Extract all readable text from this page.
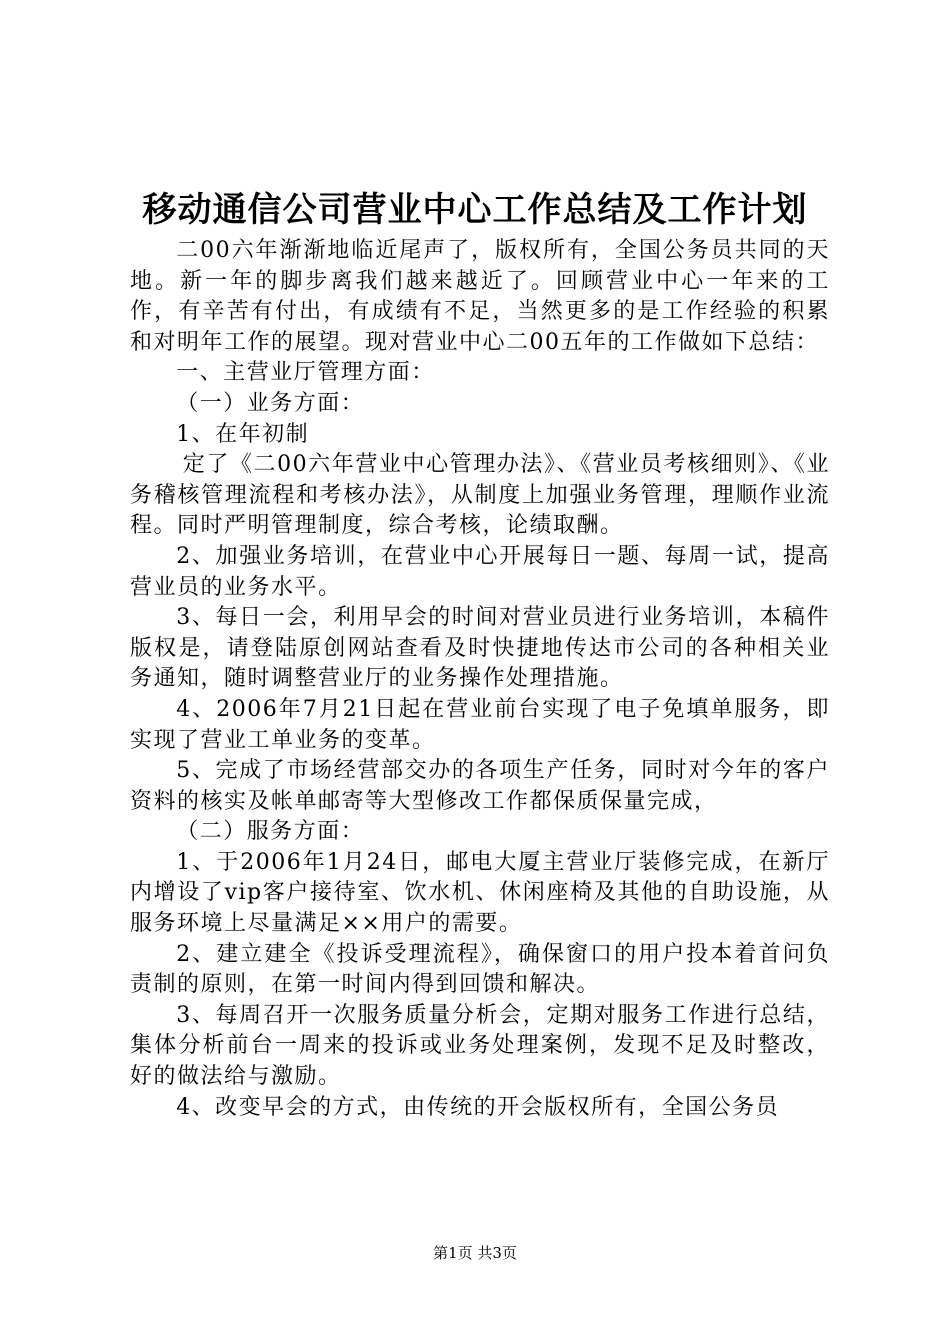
移动通信公司营业中心工作总结及工作计划

二00六年渐渐地临近尾声了，版权所有，全国公务员共同的天地。新一年的脚步离我们越来越近了。回顾营业中心一年来的工作，有辛苦有付出，有成绩有不足，当然更多的是工作经验的积累和对明年工作的展望。现对营业中心二00五年的工作做如下总结：

一、主营业厅管理方面：

（一）业务方面：

1、在年初制

定了《二00六年营业中心管理办法》、《营业员考核细则》、《业务稽核管理流程和考核办法》，从制度上加强业务管理，理顺作业流程。同时严明管理制度，综合考核，论绩取酬。

2、加强业务培训，在营业中心开展每日一题、每周一试，提高营业员的业务水平。

3、每日一会，利用早会的时间对营业员进行业务培训，本稿件版权是，请登陆原创网站查看及时快捷地传达市公司的各种相关业务通知，随时调整营业厅的业务操作处理措施。

4、2006年7月21日起在营业前台实现了电子免填单服务，即实现了营业工单业务的变革。

5、完成了市场经营部交办的各项生产任务，同时对今年的客户资料的核实及帐单邮寄等大型修改工作都保质保量完成，

（二）服务方面：

1、于2006年1月24日，邮电大厦主营业厅装修完成，在新厅内增设了vip客户接待室、饮水机、休闲座椅及其他的自助设施，从服务环境上尽量满足××用户的需要。

2、建立建全《投诉受理流程》，确保窗口的用户投本着首问负责制的原则，在第一时间内得到回馈和解决。

3、每周召开一次服务质量分析会，定期对服务工作进行总结，集体分析前台一周来的投诉或业务处理案例，发现不足及时整改，好的做法给与激励。

4、改变早会的方式，由传统的开会版权所有，全国公务员

第1页 共3页
